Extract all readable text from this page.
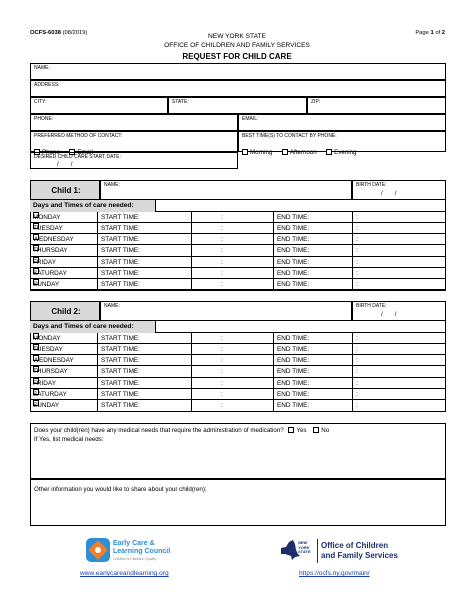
OCFS-6038 (08/2019)	Page 1 of 2
NEW YORK STATE
OFFICE OF CHILDREN AND FAMILY SERVICES
REQUEST FOR CHILD CARE
NAME:
ADDRESS:
CITY:	STATE:	ZIP:
PHONE:	EMAIL:
PREFERRED METHOD OF CONTACT:
Phone	Email
BEST TIME(S) TO CONTACT BY PHONE:
Morning	Afternoon	Evening
DESIRED CHILD CARE START DATE:
/       /
Child 1:
NAME:	BIRTH DATE:
/       /
Days and Times of care needed:
MONDAY	START TIME:	:	END TIME:	:
TUESDAY	START TIME:	:	END TIME:	:
WEDNESDAY	START TIME:	:	END TIME:	:
THURSDAY	START TIME:	:	END TIME:	:
FRIDAY	START TIME:	:	END TIME:	:
SATURDAY	START TIME:	:	END TIME:	:
SUNDAY	START TIME:	:	END TIME:	:
Child 2:
NAME:	BIRTH DATE:
/       /
Days and Times of care needed:
MONDAY	START TIME:	:	END TIME:	:
TUESDAY	START TIME:	:	END TIME:	:
WEDNESDAY	START TIME:	:	END TIME:	:
THURSDAY	START TIME:	:	END TIME:	:
FRIDAY	START TIME:	:	END TIME:	:
SATURDAY	START TIME:	:	END TIME:	:
SUNDAY	START TIME:	:	END TIME:	:
Does your child(ren) have any medical needs that require the administration of medication? Yes No
If Yes, list medical needs:
Other information you would like to share about your child(ren):
Early Care &
Learning Council
Children & Families, Quality
www.earlycareandlearning.org
NEW
YORK
STATE
Office of Children
and Family Services
https://ocfs.ny.gov/main/
